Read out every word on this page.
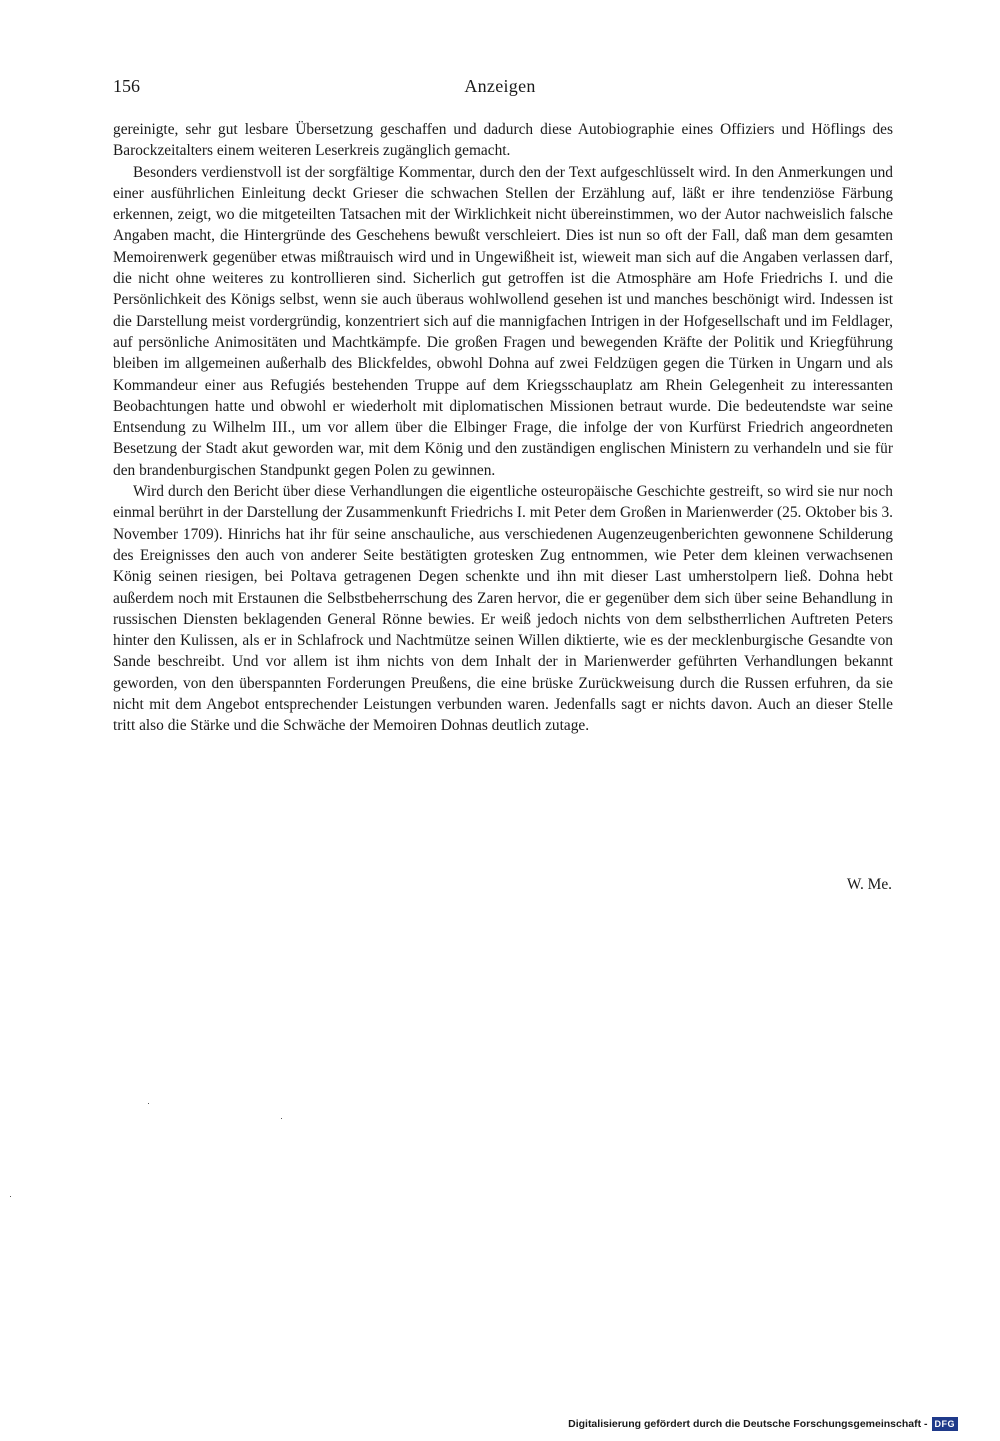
156	Anzeigen

gereinigte, sehr gut lesbare Übersetzung geschaffen und dadurch diese Autobiographie eines Offiziers und Höflings des Barockzeitalters einem weiteren Leserkreis zugänglich gemacht.

Besonders verdienstvoll ist der sorgfältige Kommentar, durch den der Text aufgeschlüsselt wird. In den Anmerkungen und einer ausführlichen Einleitung deckt Grieser die schwachen Stellen der Erzählung auf, läßt er ihre tendenziöse Färbung erkennen, zeigt, wo die mitgeteilten Tatsachen mit der Wirklichkeit nicht übereinstimmen, wo der Autor nachweislich falsche Angaben macht, die Hintergründe des Geschehens bewußt verschleiert. Dies ist nun so oft der Fall, daß man dem gesamten Memoirenwerk gegenüber etwas mißtrauisch wird und in Ungewißheit ist, wieweit man sich auf die Angaben verlassen darf, die nicht ohne weiteres zu kontrollieren sind. Sicherlich gut getroffen ist die Atmosphäre am Hofe Friedrichs I. und die Persönlichkeit des Königs selbst, wenn sie auch überaus wohlwollend gesehen ist und manches beschönigt wird. Indessen ist die Darstellung meist vordergründig, konzentriert sich auf die mannigfachen Intrigen in der Hofgesellschaft und im Feldlager, auf persönliche Animositäten und Machtkämpfe. Die großen Fragen und bewegenden Kräfte der Politik und Kriegführung bleiben im allgemeinen außerhalb des Blickfeldes, obwohl Dohna auf zwei Feldzügen gegen die Türken in Ungarn und als Kommandeur einer aus Refugiés bestehenden Truppe auf dem Kriegsschauplatz am Rhein Gelegenheit zu interessanten Beobachtungen hatte und obwohl er wiederholt mit diplomatischen Missionen betraut wurde. Die bedeutendste war seine Entsendung zu Wilhelm III., um vor allem über die Elbinger Frage, die infolge der von Kurfürst Friedrich angeordneten Besetzung der Stadt akut geworden war, mit dem König und den zuständigen englischen Ministern zu verhandeln und sie für den brandenburgischen Standpunkt gegen Polen zu gewinnen.

Wird durch den Bericht über diese Verhandlungen die eigentliche osteuropäische Geschichte gestreift, so wird sie nur noch einmal berührt in der Darstellung der Zusammenkunft Friedrichs I. mit Peter dem Großen in Marienwerder (25. Oktober bis 3. November 1709). Hinrichs hat ihr für seine anschauliche, aus verschiedenen Augenzeugenberichten gewonnene Schilderung des Ereignisses den auch von anderer Seite bestätigten grotesken Zug entnommen, wie Peter dem kleinen verwachsenen König seinen riesigen, bei Poltava getragenen Degen schenkte und ihn mit dieser Last umherstolpern ließ. Dohna hebt außerdem noch mit Erstaunen die Selbstbeherrschung des Zaren hervor, die er gegenüber dem sich über seine Behandlung in russischen Diensten beklagenden General Rönne bewies. Er weiß jedoch nichts von dem selbstherrlichen Auftreten Peters hinter den Kulissen, als er in Schlafrock und Nachtmütze seinen Willen diktierte, wie es der mecklenburgische Gesandte von Sande beschreibt. Und vor allem ist ihm nichts von dem Inhalt der in Marienwerder geführten Verhandlungen bekannt geworden, von den überspannten Forderungen Preußens, die eine brüske Zurückweisung durch die Russen erfuhren, da sie nicht mit dem Angebot entsprechender Leistungen verbunden waren. Jedenfalls sagt er nichts davon. Auch an dieser Stelle tritt also die Stärke und die Schwäche der Memoiren Dohnas deutlich zutage.

W. Me.
Digitalisierung gefördert durch die Deutsche Forschungsgemeinschaft - DFG
